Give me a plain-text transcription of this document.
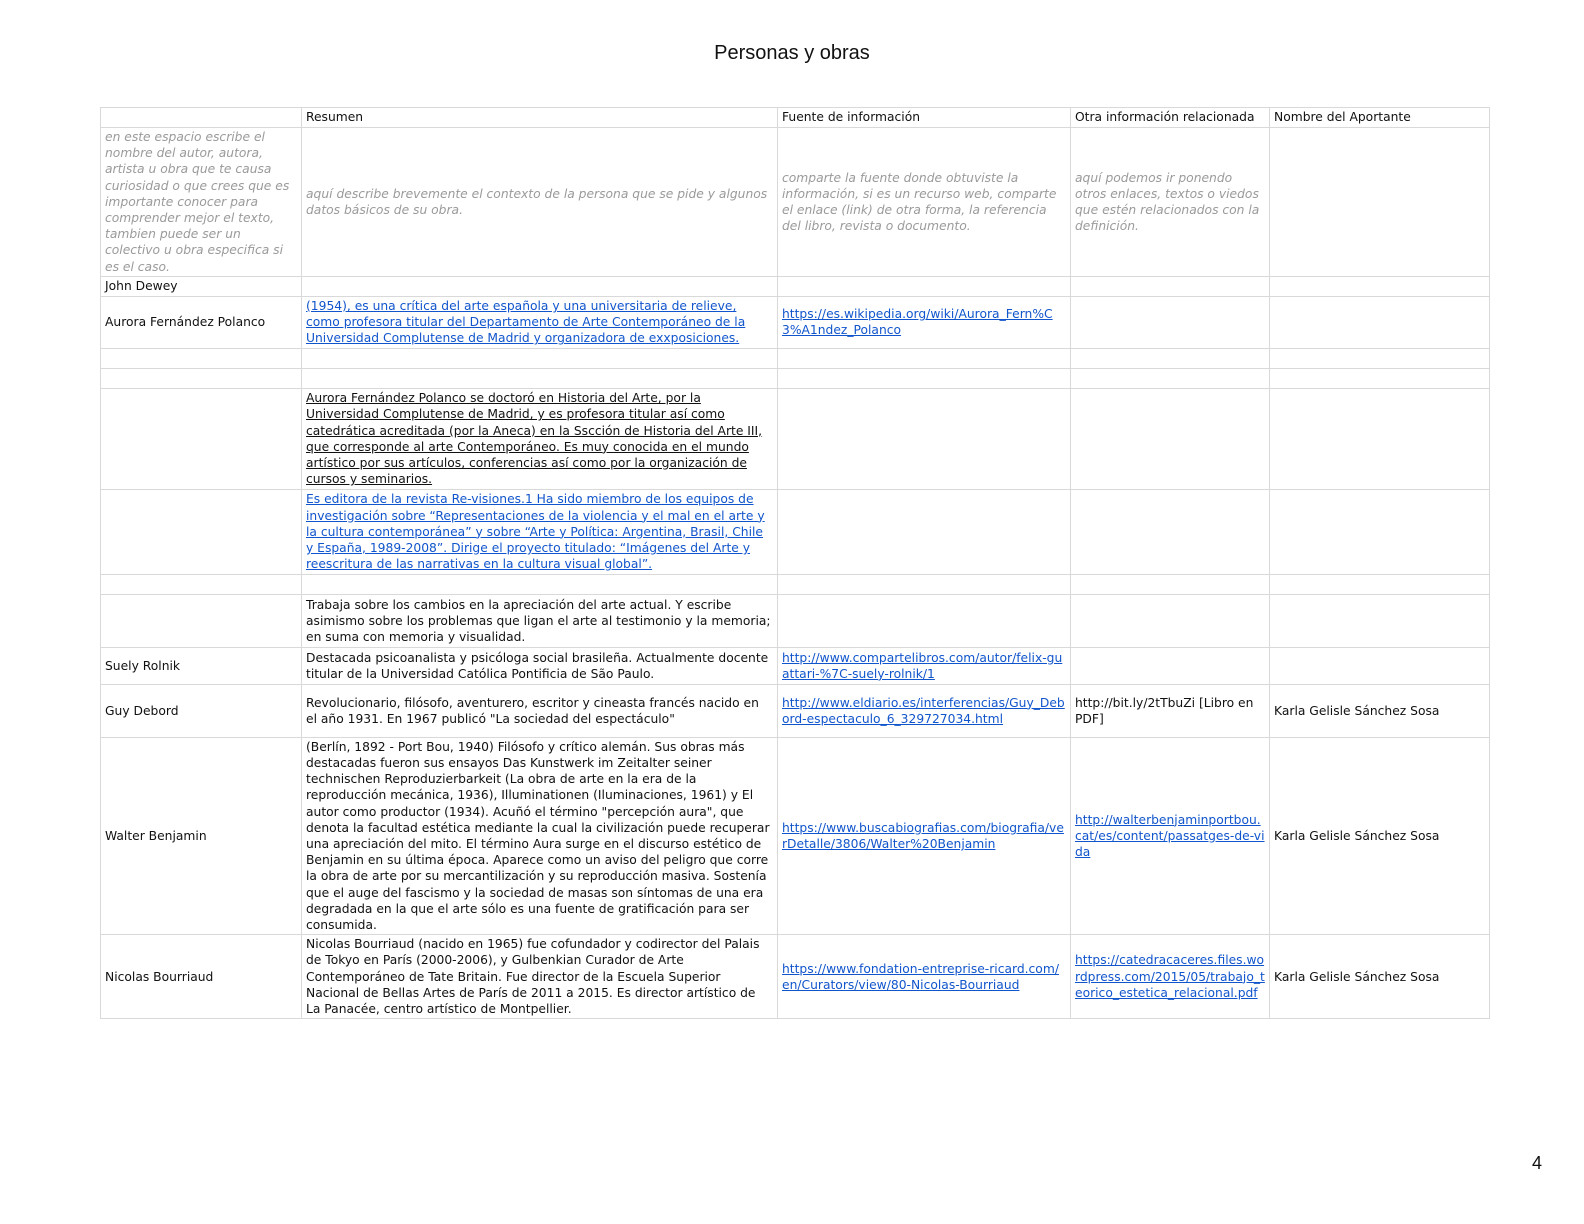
Personas y obras
	Resumen	Fuente de información	Otra información relacionada	Nombre del Aportante
en este espacio escribe el nombre del autor, autora, artista u obra que te causa curiosidad o que crees que es importante conocer para comprender mejor el texto, tambien puede ser un colectivo u obra especifica si es el caso.	aquí describe brevemente el contexto de la persona que se pide y algunos datos básicos de su obra.	comparte la fuente donde obtuviste la información, si es un recurso web, comparte el enlace (link) de otra forma, la referencia del libro, revista o documento.	aquí podemos ir ponendo otros enlaces, textos o viedos que estén relacionados con la definición.	
John Dewey				
Aurora Fernández Polanco	(1954), es una crítica del arte española y una universitaria de relieve, como profesora titular del Departamento de Arte Contemporáneo de la Universidad Complutense de Madrid y organizadora de exxposiciones.	https://es.wikipedia.org/wiki/Aurora_Fern%C3%A1ndez_Polanco		

	Aurora Fernández Polanco se doctoró en Historia del Arte, por la Universidad Complutense de Madrid, y es profesora titular así como catedrática acreditada (por la Aneca) en la Sscción de Historia del Arte III, que corresponde al arte Contemporáneo. Es muy conocida en el mundo artístico por sus artículos, conferencias así como por la organización de cursos y seminarios.			
	Es editora de la revista Re-visiones.1 Ha sido miembro de los equipos de investigación sobre “Representaciones de la violencia y el mal en el arte y la cultura contemporánea” y sobre “Arte y Política: Argentina, Brasil, Chile y España, 1989-2008”. Dirige el proyecto titulado: “Imágenes del Arte y reescritura de las narrativas en la cultura visual global”.			

	Trabaja sobre los cambios en la apreciación del arte actual. Y escribe asimismo sobre los problemas que ligan el arte al testimonio y la memoria; en suma con memoria y visualidad.			
Suely Rolnik	Destacada psicoanalista y psicóloga social brasileña. Actualmente docente titular de la Universidad Católica Pontificia de São Paulo.	http://www.compartelibros.com/autor/felix-guattari-%7C-suely-rolnik/1		
Guy Debord	Revolucionario, filósofo, aventurero, escritor y cineasta francés nacido en el año 1931. En 1967 publicó "La sociedad del espectáculo"	http://www.eldiario.es/interferencias/Guy_Debord-espectaculo_6_329727034.html	http://bit.ly/2tTbuZi [Libro en PDF]	Karla Gelisle Sánchez Sosa
Walter Benjamin	(Berlín, 1892 - Port Bou, 1940) Filósofo y crítico alemán. Sus obras más destacadas fueron sus ensayos Das Kunstwerk im Zeitalter seiner technischen Reproduzierbarkeit (La obra de arte en la era de la reproducción mecánica, 1936), Illuminationen (Iluminaciones, 1961) y El autor como productor (1934). Acuñó el término "percepción aura", que denota la facultad estética mediante la cual la civilización puede recuperar una apreciación del mito. El término Aura surge en el discurso estético de Benjamin en su última época. Aparece como un aviso del peligro que corre la obra de arte por su mercantilización y su reproducción masiva. Sostenía que el auge del fascismo y la sociedad de masas son síntomas de una era degradada en la que el arte sólo es una fuente de gratificación para ser consumida.	https://www.buscabiografias.com/biografia/verDetalle/3806/Walter%20Benjamin	http://walterbenjaminportbou.cat/es/content/passatges-de-vida	Karla Gelisle Sánchez Sosa
Nicolas Bourriaud	Nicolas Bourriaud (nacido en 1965) fue cofundador y codirector del Palais de Tokyo en París (2000-2006), y Gulbenkian Curador de Arte Contemporáneo de Tate Britain. Fue director de la Escuela Superior Nacional de Bellas Artes de París de 2011 a 2015. Es director artístico de La Panacée, centro artístico de Montpellier.	https://www.fondation-entreprise-ricard.com/en/Curators/view/80-Nicolas-Bourriaud	https://catedracaceres.files.wordpress.com/2015/05/trabajo_teorico_estetica_relacional.pdf	Karla Gelisle Sánchez Sosa
4
